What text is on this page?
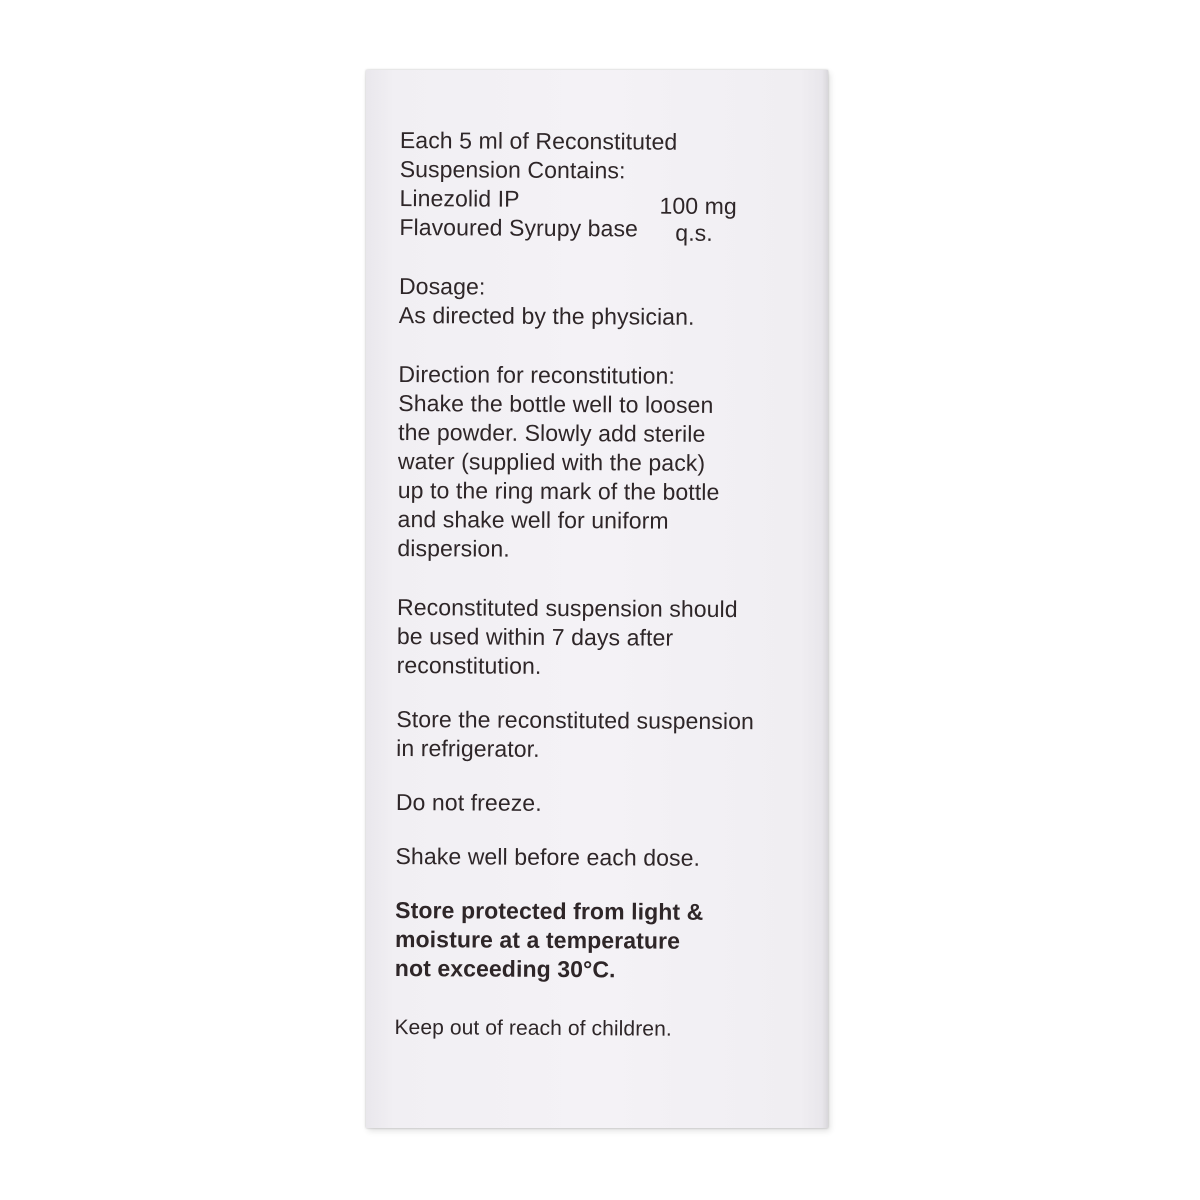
Each 5 ml of Reconstituted
Suspension Contains:
Linezolid IP	100 mg
Flavoured Syrupy base	q.s.
Dosage:
As directed by the physician.
Direction for reconstitution:
Shake the bottle well to loosen
the powder. Slowly add sterile
water (supplied with the pack)
up to the ring mark of the bottle
and shake well for uniform
dispersion.
Reconstituted suspension should
be used within 7 days after
reconstitution.
Store the reconstituted suspension
in refrigerator.
Do not freeze.
Shake well before each dose.
Store protected from light &
moisture at a temperature
not exceeding 30°C.
Keep out of reach of children.
